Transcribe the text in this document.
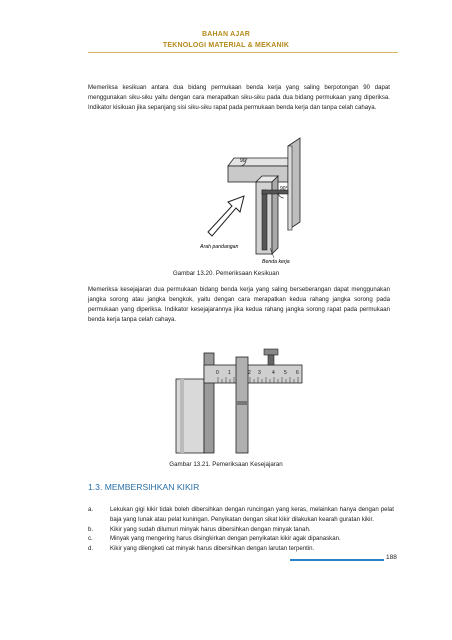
BAHAN AJAR
TEKNOLOGI MATERIAL & MEKANIK

Memeriksa kesikuan antara dua bidang permukaan benda kerja yang saling berpotongan 90 dapat menggunakan siku-siku yaitu dengan cara merapatkan siku-siku pada dua bidang permukaan yang diperiksa. Indikator kisikuan jika sepanjang sisi siku-siku rapat pada permukaan benda kerja dan tanpa celah cahaya.

90°
90°
Arah pandangan
Benda kerja
Gambar 13.20. Pemeriksaan Kesikuan

Memeriksa kesejajaran dua permukaan bidang benda kerja yang saling berseberangan dapat menggunakan jangka sorong atau jangka bengkok, yaitu dengan cara merapatkan kedua rahang jangka sorong pada permukaan yang diperiksa. Indikator kesejajarannya jika kedua rahang jangka sorong rapat pada permukaan benda kerja tanpa celah cahaya.

0 1	2 3 4 5 6
Gambar 13.21. Pemeriksaan Kesejajaran
1.3. MEMBERSIHKAN KIKIR
a.	Lekukan gigi kikir tidak boleh dibersihkan dengan runcingan yang keras, melainkan hanya dengan pelat baja yang lunak atau pelat kuningan. Penyikatan dengan sikat kikir dilakukan kearah guratan kikir.
b.	Kikir yang sudah dilumuri minyak harus dibersihkan dengan minyak tanah.
c.	Minyak yang mengering harus disingkirkan dengan penyikatan kikir agak dipanaskan.
d.	Kikir yang dilengketi cat minyak harus dibersihkan dengan larutan terpentin.
188
